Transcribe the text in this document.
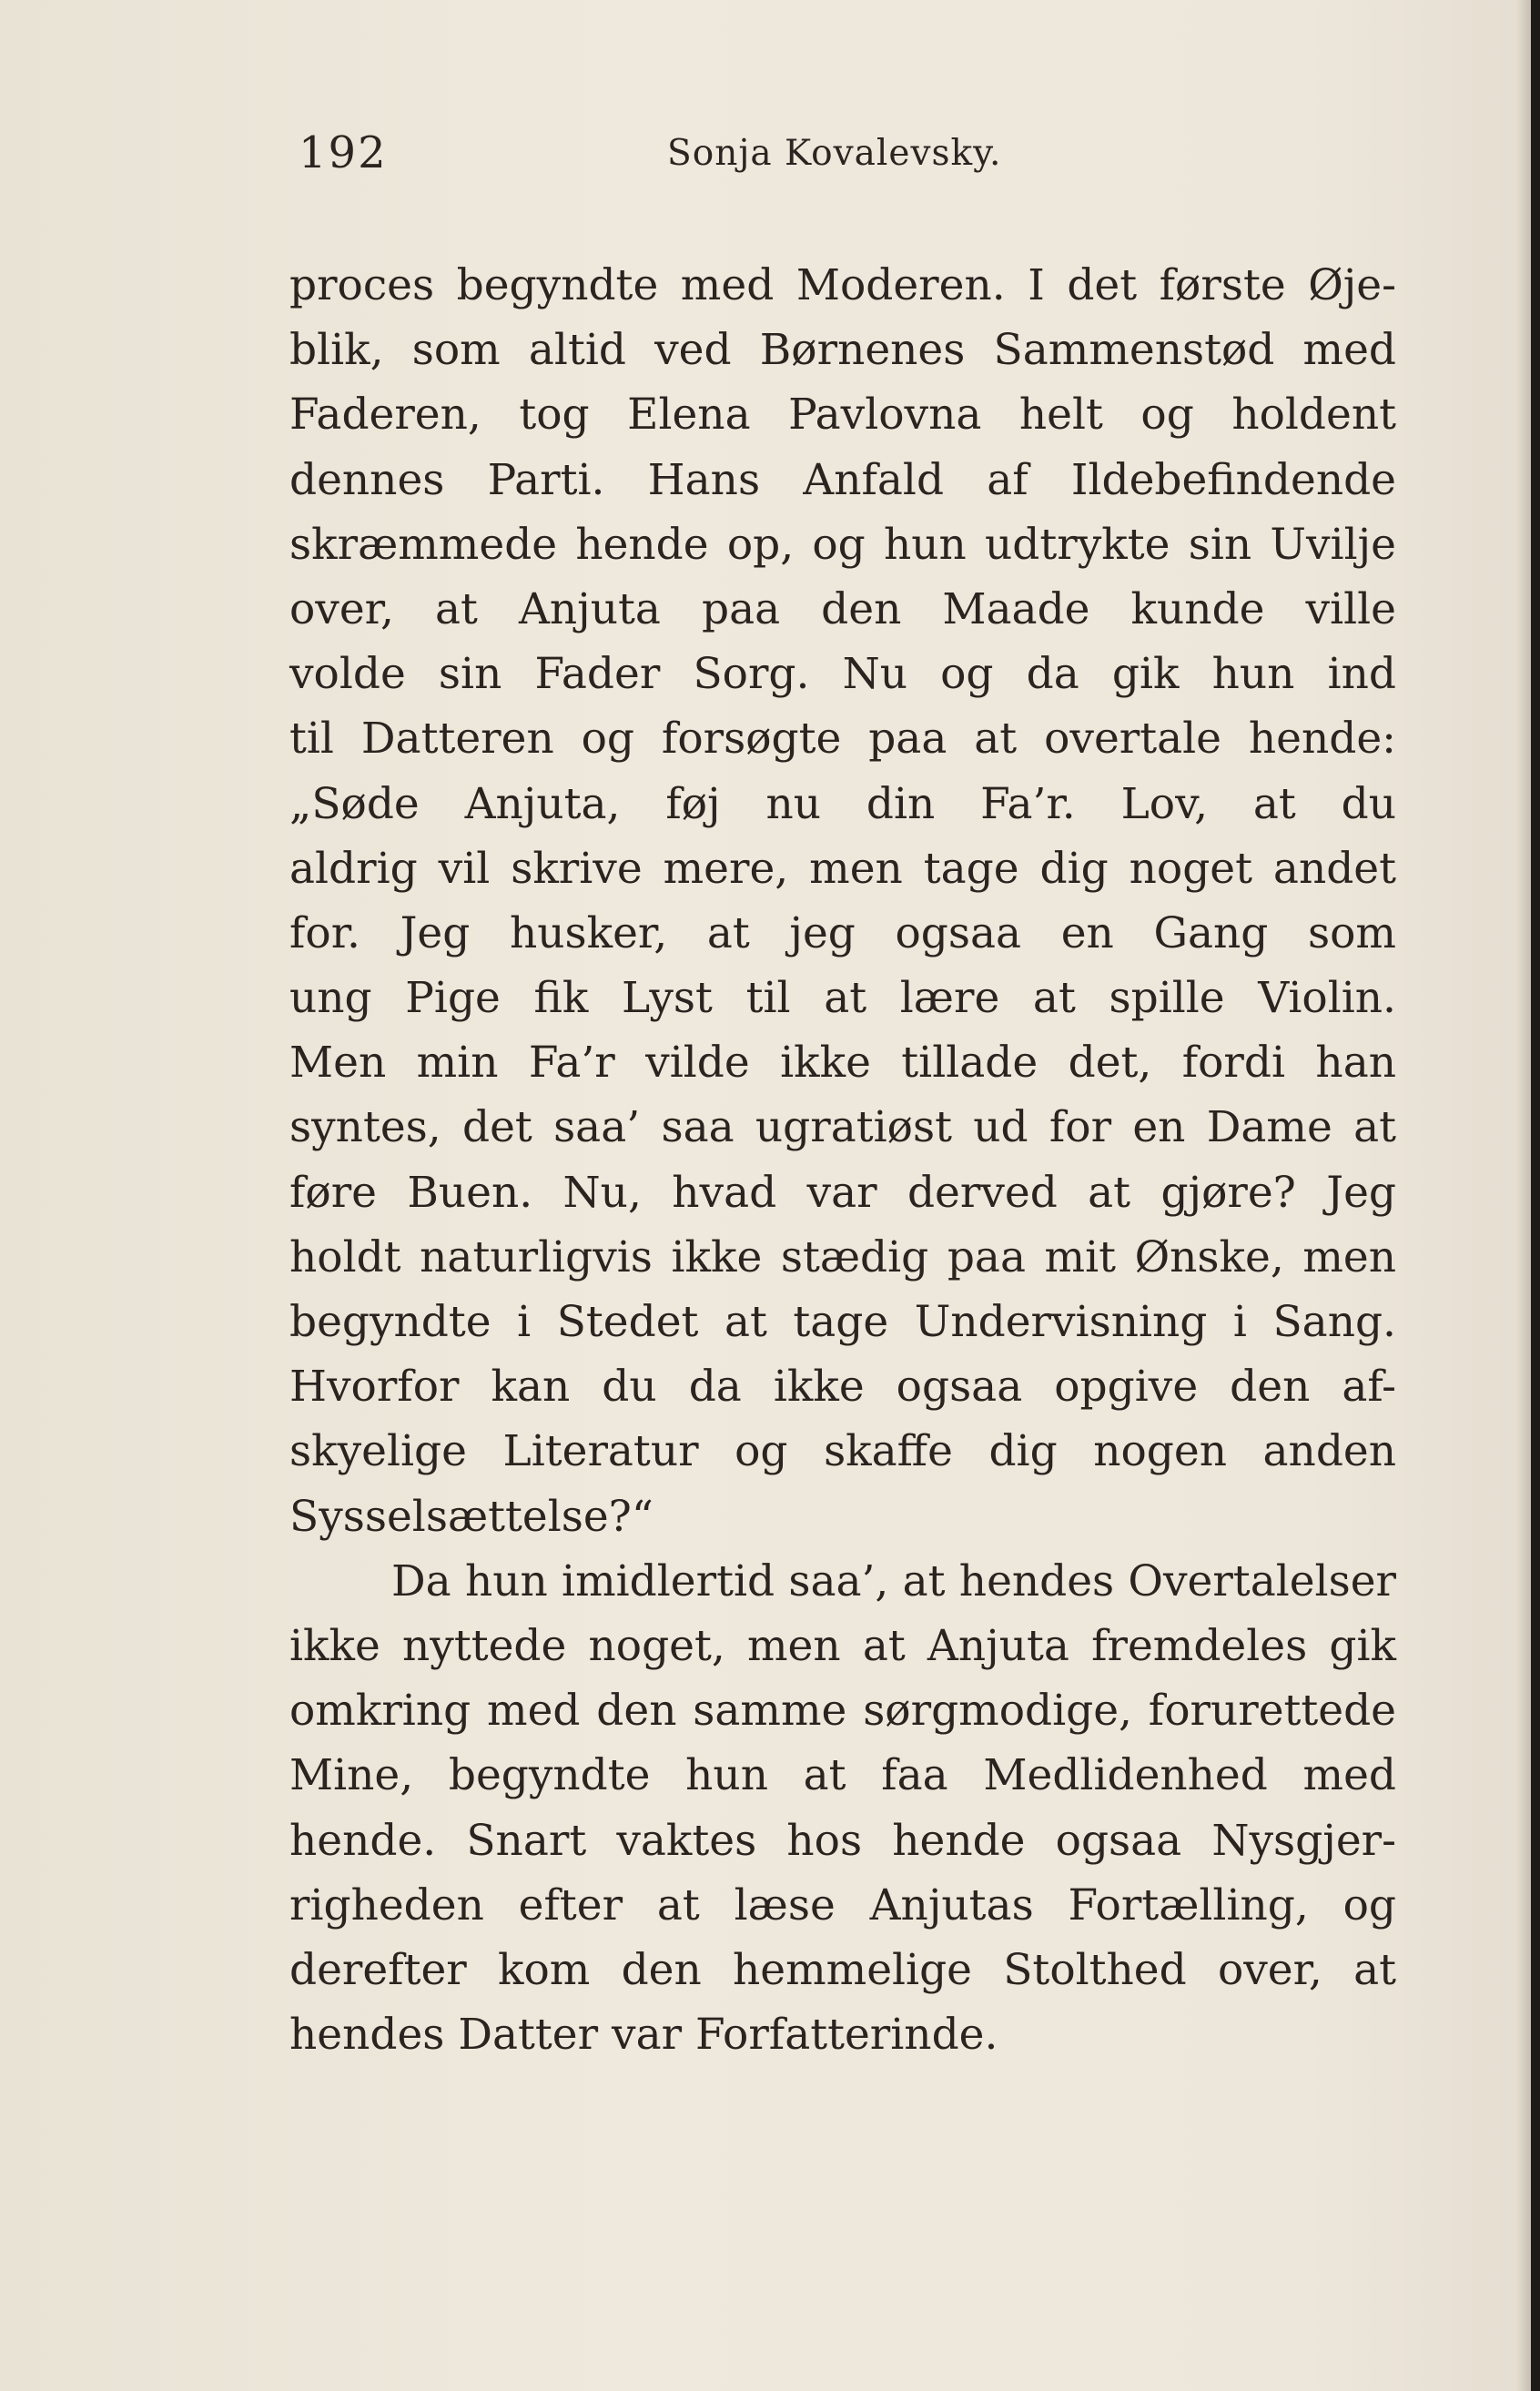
192	Sonja Kovalevsky.
proces begyndte med Moderen. I det første Øje-
blik, som altid ved Børnenes Sammenstød med
Faderen, tog Elena Pavlovna helt og holdent
dennes Parti. Hans Anfald af Ildebefindende
skræmmede hende op, og hun udtrykte sin Uvilje
over, at Anjuta paa den Maade kunde ville
volde sin Fader Sorg. Nu og da gik hun ind
til Datteren og forsøgte paa at overtale hende:
„Søde Anjuta, føj nu din Fa’r. Lov, at du
aldrig vil skrive mere, men tage dig noget andet
for. Jeg husker, at jeg ogsaa en Gang som
ung Pige fik Lyst til at lære at spille Violin.
Men min Fa’r vilde ikke tillade det, fordi han
syntes, det saa’ saa ugratiøst ud for en Dame at
føre Buen. Nu, hvad var derved at gjøre? Jeg
holdt naturligvis ikke stædig paa mit Ønske, men
begyndte i Stedet at tage Undervisning i Sang.
Hvorfor kan du da ikke ogsaa opgive den af-
skyelige Literatur og skaffe dig nogen anden
Sysselsættelse?“
Da hun imidlertid saa’, at hendes Overtalelser
ikke nyttede noget, men at Anjuta fremdeles gik
omkring med den samme sørgmodige, forurettede
Mine, begyndte hun at faa Medlidenhed med
hende. Snart vaktes hos hende ogsaa Nysgjer-
righeden efter at læse Anjutas Fortælling, og
derefter kom den hemmelige Stolthed over, at
hendes Datter var Forfatterinde.
